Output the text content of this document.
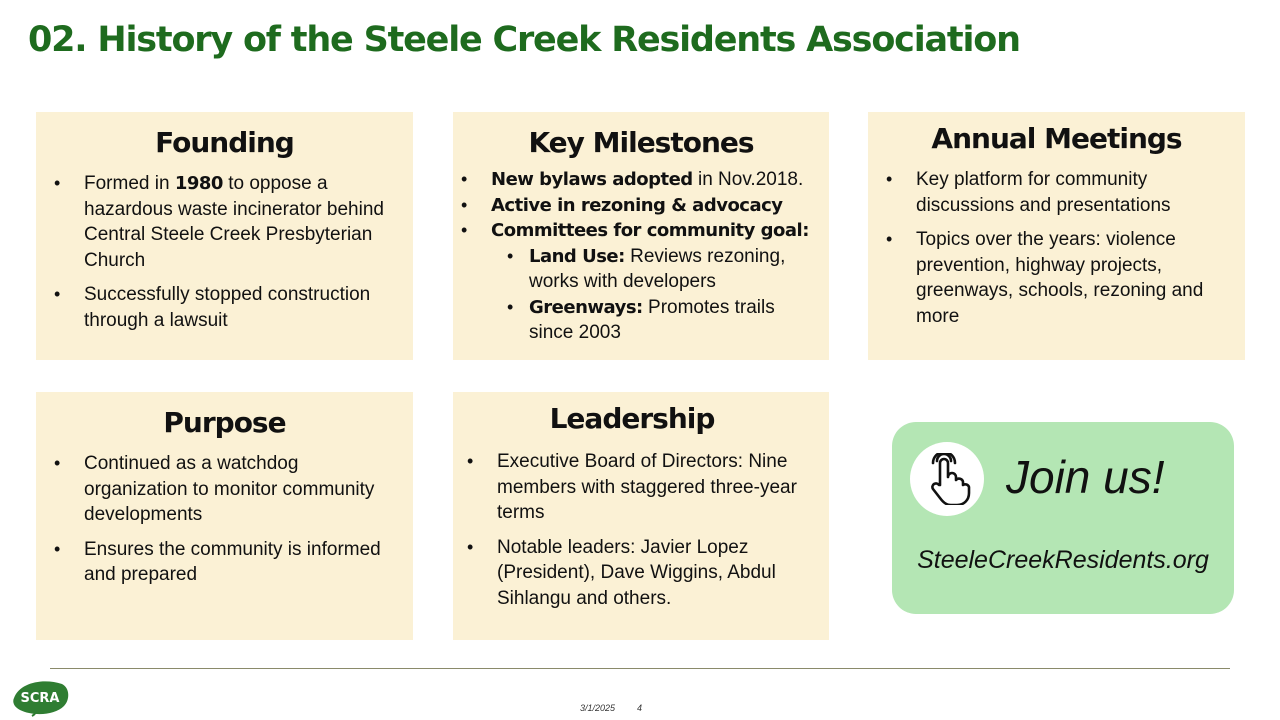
02. History of the Steele Creek Residents Association
Founding
• Formed in 1980 to oppose a hazardous waste incinerator behind Central Steele Creek Presbyterian Church
• Successfully stopped construction through a lawsuit
Key Milestones
• New bylaws adopted in Nov.2018.
• Active in rezoning & advocacy
• Committees for community goal:
• Land Use: Reviews rezoning, works with developers
• Greenways: Promotes trails since 2003
Annual Meetings
• Key platform for community discussions and presentations
• Topics over the years: violence prevention, highway projects, greenways, schools, rezoning and more
Purpose
• Continued as a watchdog organization to monitor community developments
• Ensures the community is informed and prepared
Leadership
• Executive Board of Directors: Nine members with staggered three-year terms
• Notable leaders: Javier Lopez (President), Dave Wiggins, Abdul Sihlangu and others.
Join us!
SteeleCreekResidents.org
SCRA
3/1/2025 4
